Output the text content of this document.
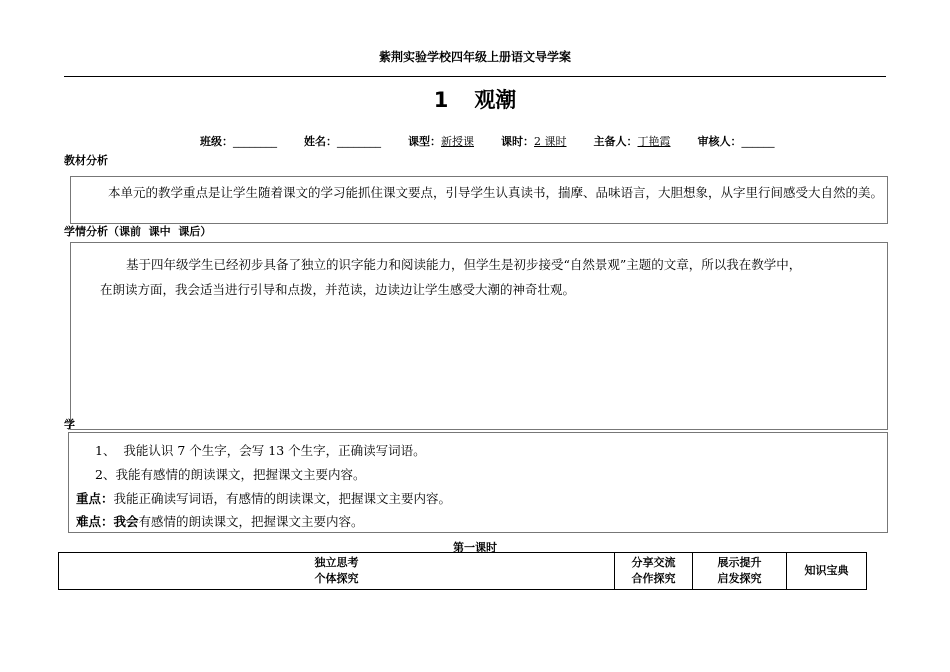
紫荆实验学校四年级上册语文导学案
1 观潮
班级：________ 姓名：________ 课型：新授课 课时：2 课时 主备人：丁艳霞 审核人：______
教材分析
本单元的教学重点是让学生随着课文的学习能抓住课文要点，引导学生认真读书，揣摩、品味语言，大胆想象，从字里行间感受大自然的美。
学情分析（课前  课中  课后）
基于四年级学生已经初步具备了独立的识字能力和阅读能力，但学生是初步接受“自然景观”主题的文章，所以我在教学中，
在朗读方面，我会适当进行引导和点拨，并范读，边读边让学生感受大潮的神奇壮观。
学
1、  我能认识 7 个生字，会写 13 个生字，正确读写词语。
2、我能有感情的朗读课文，把握课文主要内容。
重点：我能正确读写词语，有感情的朗读课文，把握课文主要内容。
难点：我会有感情的朗读课文，把握课文主要内容。
第一课时
独立思考
个体探究

分享交流
合作探究

展示提升
启发探究

知识宝典
